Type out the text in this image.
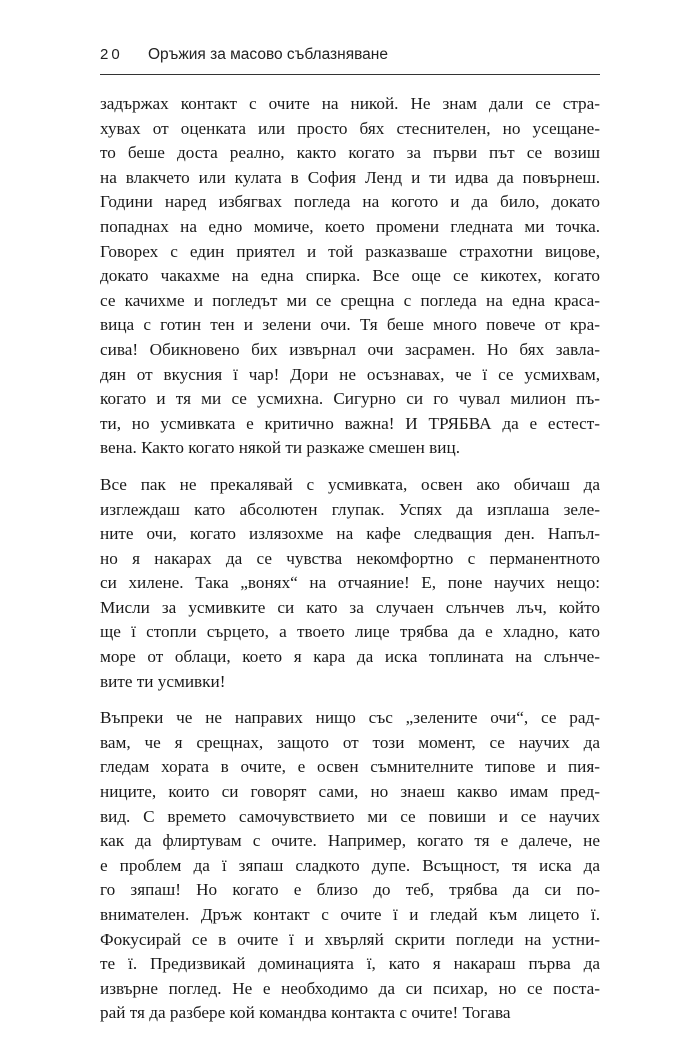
20 Оръжия за масово съблазняване

задържах контакт с очите на никой. Не знам дали се стра-
хувах от оценката или просто бях стеснителен, но усещане-
то беше доста реално, както когато за първи път се возиш
на влакчето или кулата в София Ленд и ти идва да повърнеш.
Години наред избягвах погледа на когото и да било, докато
попаднах на едно момиче, което промени гледната ми точка.
Говорех с един приятел и той разказваше страхотни вицове,
докато чакахме на една спирка. Все още се кикотех, когато
се качихме и погледът ми се срещна с погледа на една краса-
вица с готин тен и зелени очи. Тя беше много повече от кра-
сива! Обикновено бих извърнал очи засрамен. Но бях завла-
дян от вкусния ї чар! Дори не осъзнавах, че ї се усмихвам,
когато и тя ми се усмихна. Сигурно си го чувал милион пъ-
ти, но усмивката е критично важна! И ТРЯБВА да е естест-
вена. Както когато някой ти разкаже смешен виц.

Все пак не прекалявай с усмивката, освен ако обичаш да
изглеждаш като абсолютен глупак. Успях да изплаша зеле-
ните очи, когато излязохме на кафе следващия ден. Напъл-
но я накарах да се чувства некомфортно с перманентното
си хилене. Така „вонях“ на отчаяние! Е, поне научих нещо:
Мисли за усмивките си като за случаен слънчев лъч, който
ще ї стопли сърцето, а твоето лице трябва да е хладно, като
море от облаци, което я кара да иска топлината на слънче-
вите ти усмивки!

Въпреки че не направих нищо със „зелените очи“, се рад-
вам, че я срещнах, защото от този момент, се научих да
гледам хората в очите, е освен съмнителните типове и пия-
ниците, които си говорят сами, но знаеш какво имам пред-
вид. С времето самочувствието ми се повиши и се научих
как да флиртувам с очите. Например, когато тя е далече, не
е проблем да ї зяпаш сладкото дупе. Всъщност, тя иска да
го зяпаш! Но когато е близо до теб, трябва да си по-
внимателен. Дръж контакт с очите ї и гледай към лицето ї.
Фокусирай се в очите ї и хвърляй скрити погледи на устни-
те ї. Предизвикай доминацията ї, като я накараш първа да
извърне поглед. Не е необходимо да си психар, но се поста-
рай тя да разбере кой командва контакта с очите! Тогава
